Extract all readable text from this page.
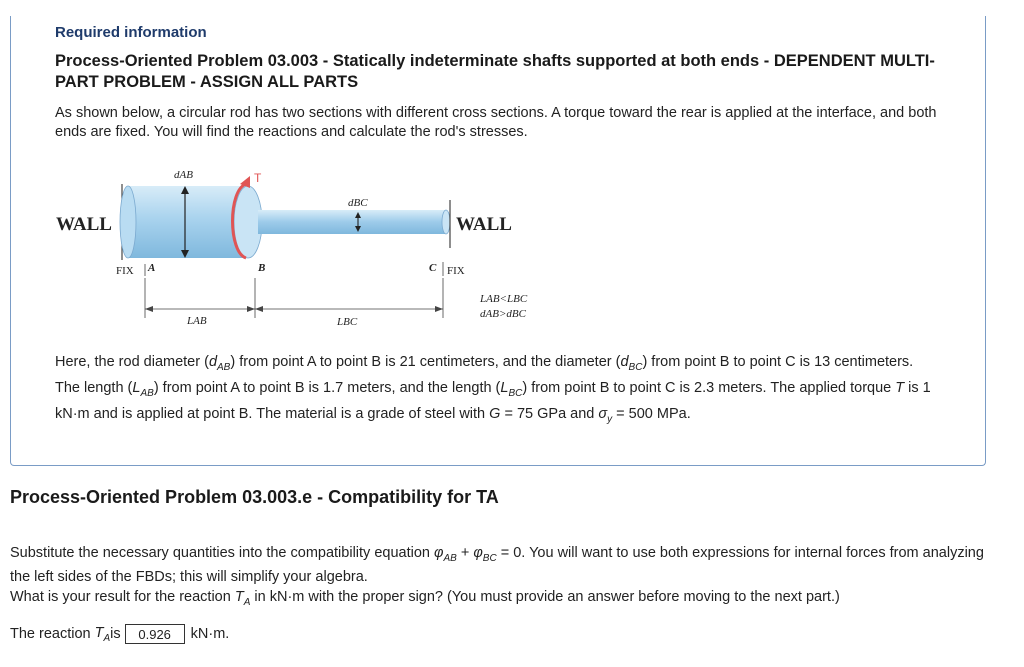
Required information
Process-Oriented Problem 03.003 - Statically indeterminate shafts supported at both ends - DEPENDENT MULTI-PART PROBLEM - ASSIGN ALL PARTS
As shown below, a circular rod has two sections with different cross sections. A torque toward the rear is applied at the interface, and both ends are fixed. You will find the reactions and calculate the rod's stresses.
WALL	WALL
dAB	T
dBC
FIX A	B	C FIX
LAB	LBC
LAB<LBC
dAB>dBC
Here, the rod diameter $(d_{AB})$ from point A to point B is 21 centimeters, and the diameter $(d_{BC})$ from point B to point C is 13 centimeters.
The length $(L_{AB})$ from point A to point B is 1.7 meters, and the length $(L_{BC})$ from point B to point C is 2.3 meters. The applied torque T is 1 kN·m and is applied at point B. The material is a grade of steel with G = 75 GPa and $\sigma_y = 500$ MPa.
Process-Oriented Problem 03.003.e - Compatibility for TA
Substitute the necessary quantities into the compatibility equation $\varphi_{AB} + \varphi_{BC} = 0$. You will want to use both expressions for internal forces from analyzing the left sides of the FBDs; this will simplify your algebra.
What is your result for the reaction $T_A$ in kN·m with the proper sign? (You must provide an answer before moving to the next part.)
The reaction $T_A$ is	0.926	kN·m.
